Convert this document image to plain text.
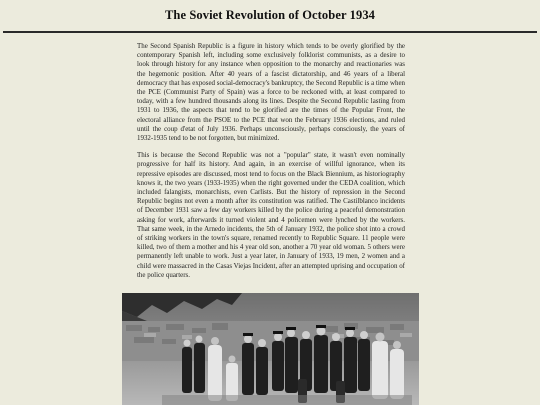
The Soviet Revolution of October 1934

The Second Spanish Republic is a figure in history which tends to be overly glorified by the contemporary Spanish left, including some exclusively folklorist communists, as a desire to look through history for any instance when opposition to the monarchy and reactionaries was the hegemonic position. After 40 years of a fascist dictatorship, and 46 years of a liberal democracy that has exposed social-democracy's bankruptcy, the Second Republic is a time when the PCE (Communist Party of Spain) was a force to be reckoned with, at least compared to today, with a few hundred thousands along its lines. Despite the Second Republic lasting from 1931 to 1936, the aspects that tend to be glorified are the times of the Popular Front, the electoral alliance from the PSOE to the PCE that won the February 1936 elections, and ruled until the coup d'etat of July 1936. Perhaps unconsciously, perhaps consciously, the years of 1932-1935 tend to be not forgotten, but minimized.

This is because the Second Republic was not a "popular" state, it wasn't even nominally progressive for half its history. And again, in an exercise of willful ignorance, when its repressive episodes are discussed, most tend to focus on the Black Biennium, as historiography knows it, the two years (1933-1935) when the right governed under the CEDA coalition, which included falangists, monarchists, even Carlists. But the history of repression in the Second Republic begins not even a month after its constitution was ratified. The Castilblanco incidents of December 1931 saw a few day workers killed by the police during a peaceful demonstration asking for work, afterwards it turned violent and 4 policemen were lynched by the workers. That same week, in the Arnedo incidents, the 5th of January 1932, the police shot into a crowd of striking workers in the town's square, renamed recently to Republic Square. 11 people were killed, two of them a mother and his 4 year old son, another a 70 year old woman. 5 others were permanently left unable to work. Just a year later, in January of 1933, 19 men, 2 women and a child were massacred in the Casas Viejas Incident, after an attempted uprising and occupation of the police quarters.
